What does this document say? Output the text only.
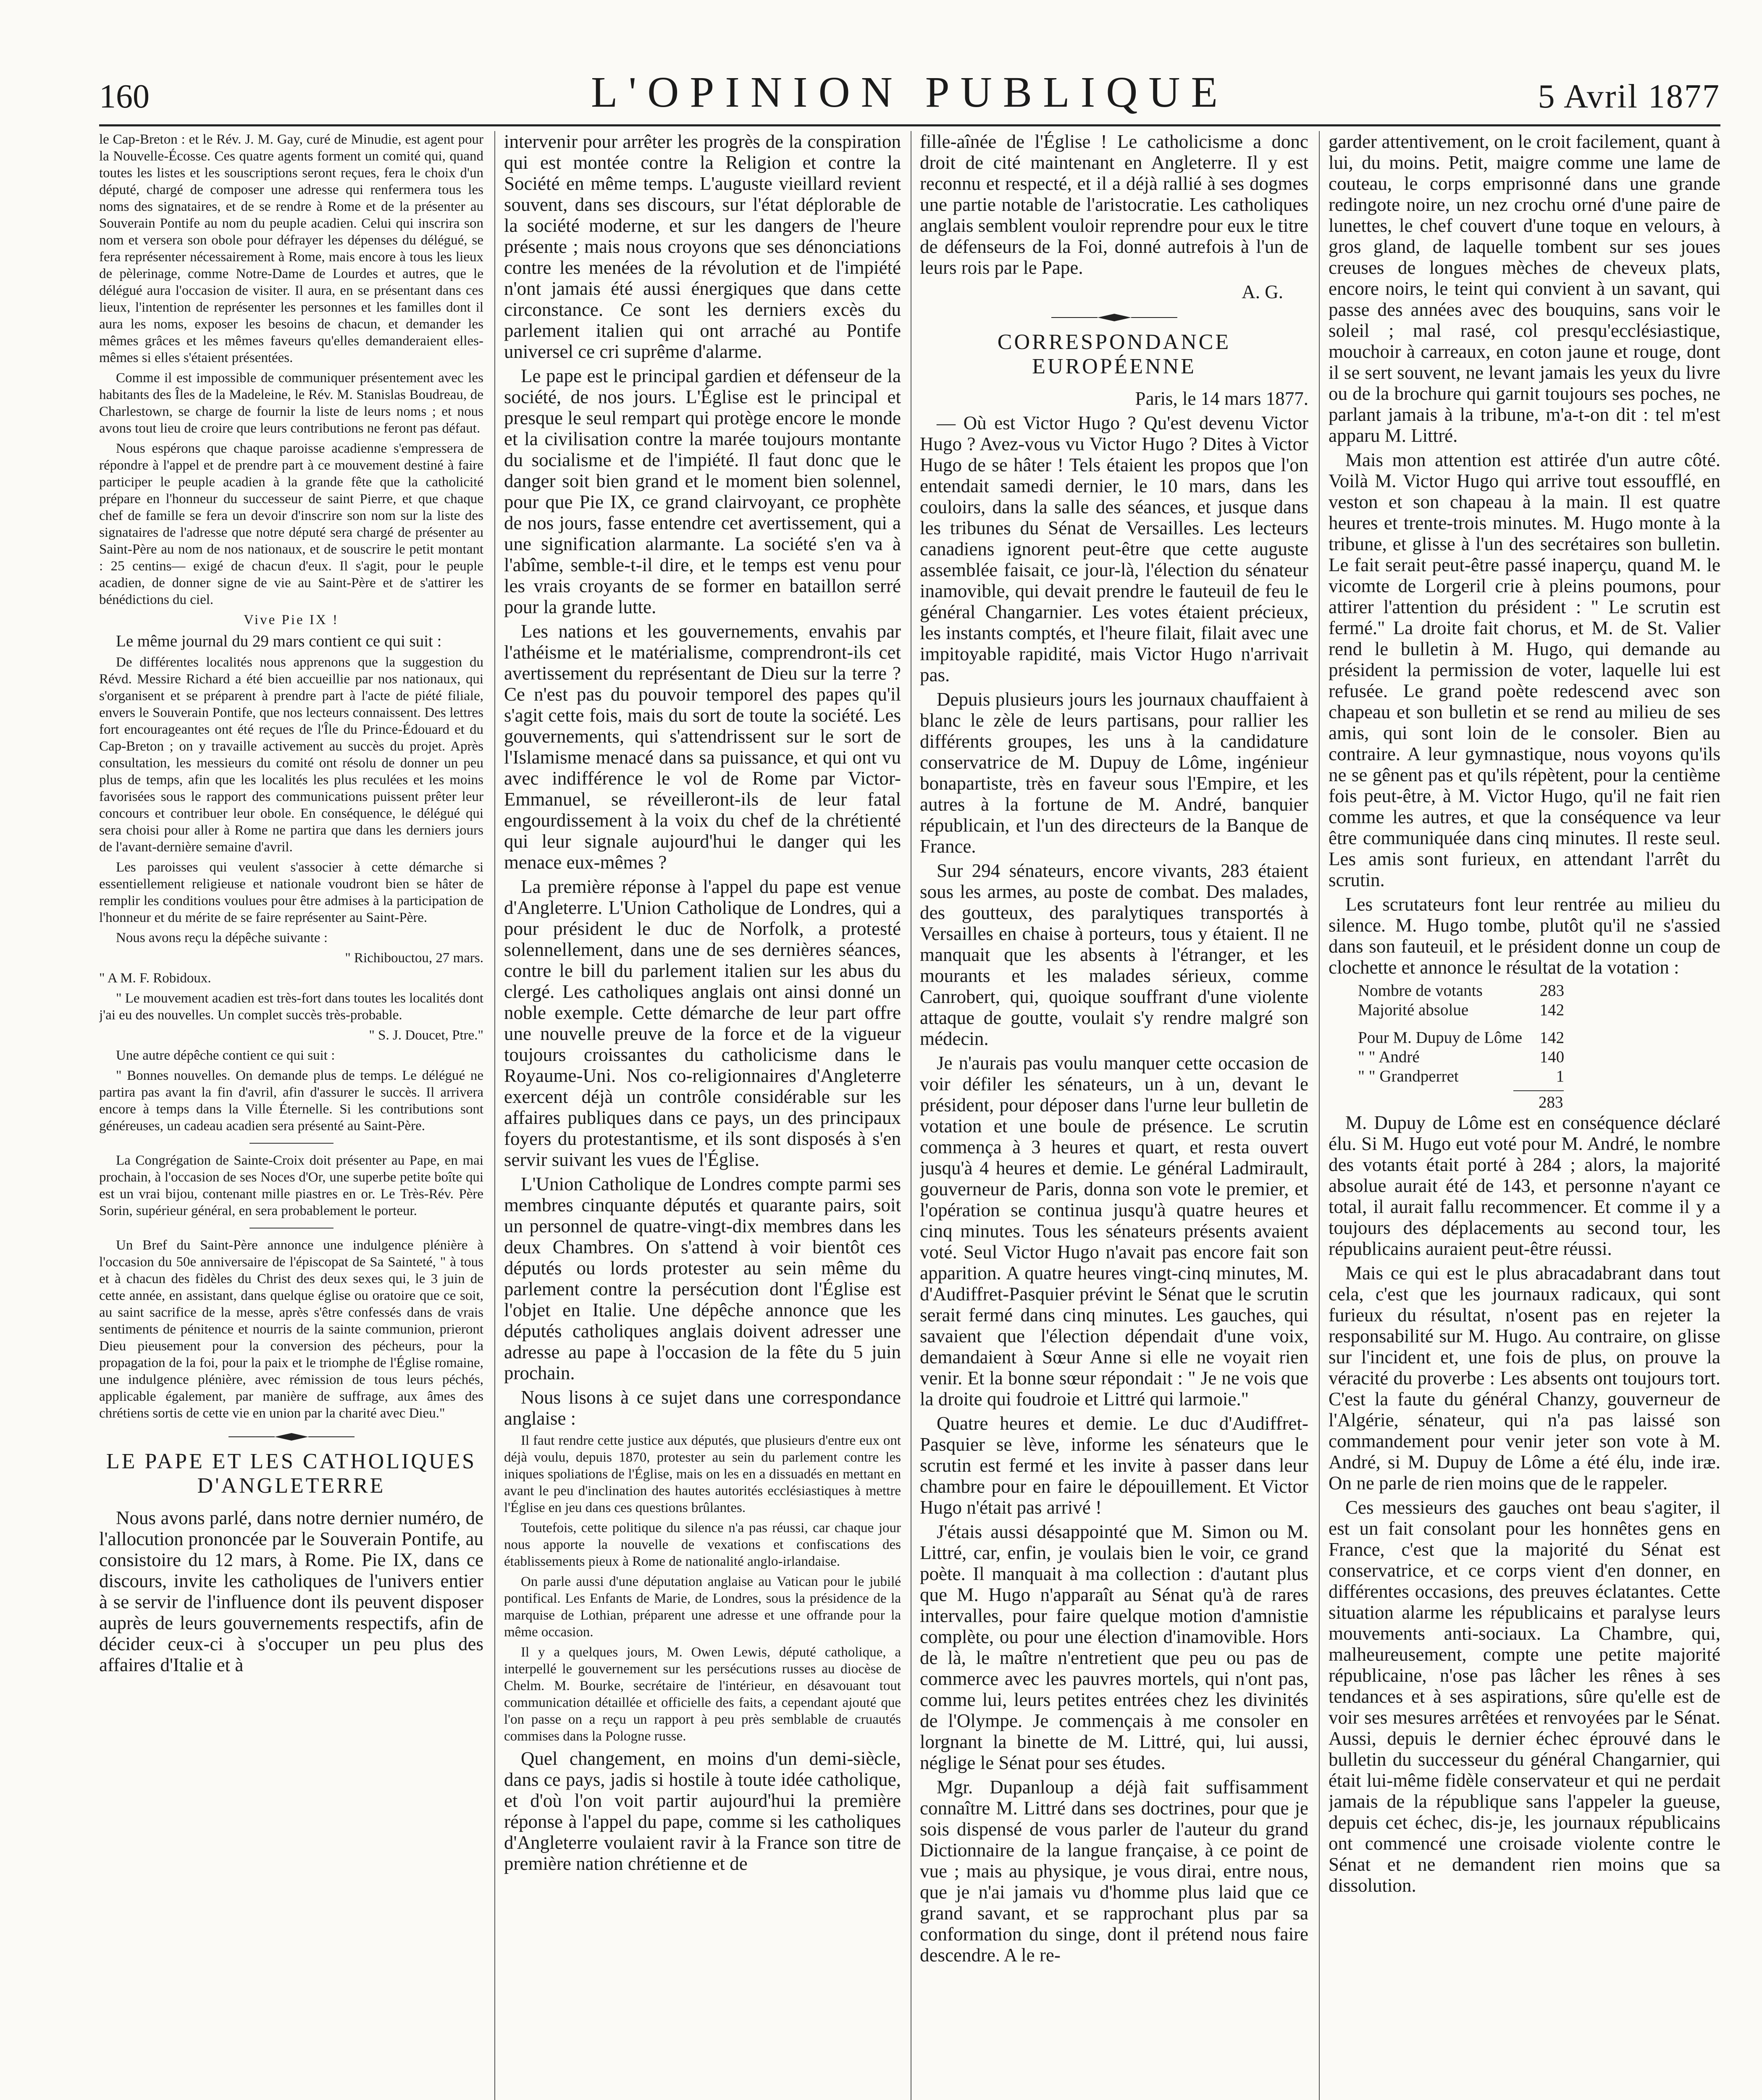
160	L'OPINION PUBLIQUE	5 Avril 1877

le Cap-Breton : et le Rév. J. M. Gay, curé de Minudie, est agent pour la Nouvelle-Écosse. Ces quatre agents forment un comité qui, quand toutes les listes et les souscriptions seront reçues, fera le choix d'un député, chargé de composer une adresse qui renfermera tous les noms des signataires, et de se rendre à Rome et de la présenter au Souverain Pontife au nom du peuple acadien. Celui qui inscrira son nom et versera son obole pour défrayer les dépenses du délégué, se fera représenter nécessairement à Rome, mais encore à tous les lieux de pèlerinage, comme Notre-Dame de Lourdes et autres, que le délégué aura l'occasion de visiter. Il aura, en se présentant dans ces lieux, l'intention de représenter les personnes et les familles dont il aura les noms, exposer les besoins de chacun, et demander les mêmes grâces et les mêmes faveurs qu'elles demanderaient elles-mêmes si elles s'étaient présentées.

Comme il est impossible de communiquer présentement avec les habitants des Îles de la Madeleine, le Rév. M. Stanislas Boudreau, de Charlestown, se charge de fournir la liste de leurs noms ; et nous avons tout lieu de croire que leurs contributions ne feront pas défaut.

Nous espérons que chaque paroisse acadienne s'empressera de répondre à l'appel et de prendre part à ce mouvement destiné à faire participer le peuple acadien à la grande fête que la catholicité prépare en l'honneur du successeur de saint Pierre, et que chaque chef de famille se fera un devoir d'inscrire son nom sur la liste des signataires de l'adresse que notre député sera chargé de présenter au Saint-Père au nom de nos nationaux, et de souscrire le petit montant : 25 centins— exigé de chacun d'eux. Il s'agit, pour le peuple acadien, de donner signe de vie au Saint-Père et de s'attirer les bénédictions du ciel.

Vive Pie IX !

Le même journal du 29 mars contient ce qui suit :

De différentes localités nous apprenons que la suggestion du Révd. Messire Richard a été bien accueillie par nos nationaux, qui s'organisent et se préparent à prendre part à l'acte de piété filiale, envers le Souverain Pontife, que nos lecteurs connaissent. Des lettres fort encourageantes ont été reçues de l'Île du Prince-Édouard et du Cap-Breton ; on y travaille activement au succès du projet. Après consultation, les messieurs du comité ont résolu de donner un peu plus de temps, afin que les localités les plus reculées et les moins favorisées sous le rapport des communications puissent prêter leur concours et contribuer leur obole. En conséquence, le délégué qui sera choisi pour aller à Rome ne partira que dans les derniers jours de l'avant-dernière semaine d'avril.

Les paroisses qui veulent s'associer à cette démarche si essentiellement religieuse et nationale voudront bien se hâter de remplir les conditions voulues pour être admises à la participation de l'honneur et du mérite de se faire représenter au Saint-Père.

Nous avons reçu la dépêche suivante :

" Richibouctou, 27 mars.

" A M. F. Robidoux.

" Le mouvement acadien est très-fort dans toutes les localités dont j'ai eu des nouvelles. Un complet succès très-probable.

" S. J. Doucet, Ptre."

Une autre dépêche contient ce qui suit :

" Bonnes nouvelles. On demande plus de temps. Le délégué ne partira pas avant la fin d'avril, afin d'assurer le succès. Il arrivera encore à temps dans la Ville Éternelle. Si les contributions sont généreuses, un cadeau acadien sera présenté au Saint-Père.

La Congrégation de Sainte-Croix doit présenter au Pape, en mai prochain, à l'occasion de ses Noces d'Or, une superbe petite boîte qui est un vrai bijou, contenant mille piastres en or. Le Très-Rév. Père Sorin, supérieur général, en sera probablement le porteur.

Un Bref du Saint-Père annonce une indulgence plénière à l'occasion du 50e anniversaire de l'épiscopat de Sa Sainteté, " à tous et à chacun des fidèles du Christ des deux sexes qui, le 3 juin de cette année, en assistant, dans quelque église ou oratoire que ce soit, au saint sacrifice de la messe, après s'être confessés dans de vrais sentiments de pénitence et nourris de la sainte communion, prieront Dieu pieusement pour la conversion des pécheurs, pour la propagation de la foi, pour la paix et le triomphe de l'Église romaine, une indulgence plénière, avec rémission de tous leurs péchés, applicable également, par manière de suffrage, aux âmes des chrétiens sortis de cette vie en union par la charité avec Dieu."

LE PAPE ET LES CATHOLIQUES D'ANGLETERRE

Nous avons parlé, dans notre dernier numéro, de l'allocution prononcée par le Souverain Pontife, au consistoire du 12 mars, à Rome. Pie IX, dans ce discours, invite les catholiques de l'univers entier à se servir de l'influence dont ils peuvent disposer auprès de leurs gouvernements respectifs, afin de décider ceux-ci à s'occuper un peu plus des affaires d'Italie et à

intervenir pour arrêter les progrès de la conspiration qui est montée contre la Religion et contre la Société en même temps. L'auguste vieillard revient souvent, dans ses discours, sur l'état déplorable de la société moderne, et sur les dangers de l'heure présente ; mais nous croyons que ses dénonciations contre les menées de la révolution et de l'impiété n'ont jamais été aussi énergiques que dans cette circonstance. Ce sont les derniers excès du parlement italien qui ont arraché au Pontife universel ce cri suprême d'alarme.

Le pape est le principal gardien et défenseur de la société, de nos jours. L'Église est le principal et presque le seul rempart qui protège encore le monde et la civilisation contre la marée toujours montante du socialisme et de l'impiété. Il faut donc que le danger soit bien grand et le moment bien solennel, pour que Pie IX, ce grand clairvoyant, ce prophète de nos jours, fasse entendre cet avertissement, qui a une signification alarmante. La société s'en va à l'abîme, semble-t-il dire, et le temps est venu pour les vrais croyants de se former en bataillon serré pour la grande lutte.

Les nations et les gouvernements, envahis par l'athéisme et le matérialisme, comprendront-ils cet avertissement du représentant de Dieu sur la terre ? Ce n'est pas du pouvoir temporel des papes qu'il s'agit cette fois, mais du sort de toute la société. Les gouvernements, qui s'attendrissent sur le sort de l'Islamisme menacé dans sa puissance, et qui ont vu avec indifférence le vol de Rome par Victor-Emmanuel, se réveilleront-ils de leur fatal engourdissement à la voix du chef de la chrétienté qui leur signale aujourd'hui le danger qui les menace eux-mêmes ?

La première réponse à l'appel du pape est venue d'Angleterre. L'Union Catholique de Londres, qui a pour président le duc de Norfolk, a protesté solennellement, dans une de ses dernières séances, contre le bill du parlement italien sur les abus du clergé. Les catholiques anglais ont ainsi donné un noble exemple. Cette démarche de leur part offre une nouvelle preuve de la force et de la vigueur toujours croissantes du catholicisme dans le Royaume-Uni. Nos co-religionnaires d'Angleterre exercent déjà un contrôle considérable sur les affaires publiques dans ce pays, un des principaux foyers du protestantisme, et ils sont disposés à s'en servir suivant les vues de l'Église.

L'Union Catholique de Londres compte parmi ses membres cinquante députés et quarante pairs, soit un personnel de quatre-vingt-dix membres dans les deux Chambres. On s'attend à voir bientôt ces députés ou lords protester au sein même du parlement contre la persécution dont l'Église est l'objet en Italie. Une dépêche annonce que les députés catholiques anglais doivent adresser une adresse au pape à l'occasion de la fête du 5 juin prochain.

Nous lisons à ce sujet dans une correspondance anglaise :

Il faut rendre cette justice aux députés, que plusieurs d'entre eux ont déjà voulu, depuis 1870, protester au sein du parlement contre les iniques spoliations de l'Église, mais on les en a dissuadés en mettant en avant le peu d'inclination des hautes autorités ecclésiastiques à mettre l'Église en jeu dans ces questions brûlantes.

Toutefois, cette politique du silence n'a pas réussi, car chaque jour nous apporte la nouvelle de vexations et confiscations des établissements pieux à Rome de nationalité anglo-irlandaise.

On parle aussi d'une députation anglaise au Vatican pour le jubilé pontifical. Les Enfants de Marie, de Londres, sous la présidence de la marquise de Lothian, préparent une adresse et une offrande pour la même occasion.

Il y a quelques jours, M. Owen Lewis, député catholique, a interpellé le gouvernement sur les persécutions russes au diocèse de Chelm. M. Bourke, secrétaire de l'intérieur, en désavouant tout communication détaillée et officielle des faits, a cependant ajouté que l'on passe on a reçu un rapport à peu près semblable de cruautés commises dans la Pologne russe.

Quel changement, en moins d'un demi-siècle, dans ce pays, jadis si hostile à toute idée catholique, et d'où l'on voit partir aujourd'hui la première réponse à l'appel du pape, comme si les catholiques d'Angleterre voulaient ravir à la France son titre de première nation chrétienne et de

fille-aînée de l'Église ! Le catholicisme a donc droit de cité maintenant en Angleterre. Il y est reconnu et respecté, et il a déjà rallié à ses dogmes une partie notable de l'aristocratie. Les catholiques anglais semblent vouloir reprendre pour eux le titre de défenseurs de la Foi, donné autrefois à l'un de leurs rois par le Pape.

A. G.

CORRESPONDANCE EUROPÉENNE

Paris, le 14 mars 1877.

— Où est Victor Hugo ? Qu'est devenu Victor Hugo ? Avez-vous vu Victor Hugo ? Dites à Victor Hugo de se hâter ! Tels étaient les propos que l'on entendait samedi dernier, le 10 mars, dans les couloirs, dans la salle des séances, et jusque dans les tribunes du Sénat de Versailles. Les lecteurs canadiens ignorent peut-être que cette auguste assemblée faisait, ce jour-là, l'élection du sénateur inamovible, qui devait prendre le fauteuil de feu le général Changarnier. Les votes étaient précieux, les instants comptés, et l'heure filait, filait avec une impitoyable rapidité, mais Victor Hugo n'arrivait pas.

Depuis plusieurs jours les journaux chauffaient à blanc le zèle de leurs partisans, pour rallier les différents groupes, les uns à la candidature conservatrice de M. Dupuy de Lôme, ingénieur bonapartiste, très en faveur sous l'Empire, et les autres à la fortune de M. André, banquier républicain, et l'un des directeurs de la Banque de France.

Sur 294 sénateurs, encore vivants, 283 étaient sous les armes, au poste de combat. Des malades, des goutteux, des paralytiques transportés à Versailles en chaise à porteurs, tous y étaient. Il ne manquait que les absents à l'étranger, et les mourants et les malades sérieux, comme Canrobert, qui, quoique souffrant d'une violente attaque de goutte, voulait s'y rendre malgré son médecin.

Je n'aurais pas voulu manquer cette occasion de voir défiler les sénateurs, un à un, devant le président, pour déposer dans l'urne leur bulletin de votation et une boule de présence. Le scrutin commença à 3 heures et quart, et resta ouvert jusqu'à 4 heures et demie. Le général Ladmirault, gouverneur de Paris, donna son vote le premier, et l'opération se continua jusqu'à quatre heures et cinq minutes. Tous les sénateurs présents avaient voté. Seul Victor Hugo n'avait pas encore fait son apparition. A quatre heures vingt-cinq minutes, M. d'Audiffret-Pasquier prévint le Sénat que le scrutin serait fermé dans cinq minutes. Les gauches, qui savaient que l'élection dépendait d'une voix, demandaient à Sœur Anne si elle ne voyait rien venir. Et la bonne sœur répondait : " Je ne vois que la droite qui foudroie et Littré qui larmoie."

Quatre heures et demie. Le duc d'Audiffret-Pasquier se lève, informe les sénateurs que le scrutin est fermé et les invite à passer dans leur chambre pour en faire le dépouillement. Et Victor Hugo n'était pas arrivé !

J'étais aussi désappointé que M. Simon ou M. Littré, car, enfin, je voulais bien le voir, ce grand poète. Il manquait à ma collection : d'autant plus que M. Hugo n'apparaît au Sénat qu'à de rares intervalles, pour faire quelque motion d'amnistie complète, ou pour une élection d'inamovible. Hors de là, le maître n'entretient que peu ou pas de commerce avec les pauvres mortels, qui n'ont pas, comme lui, leurs petites entrées chez les divinités de l'Olympe. Je commençais à me consoler en lorgnant la binette de M. Littré, qui, lui aussi, néglige le Sénat pour ses études.

Mgr. Dupanloup a déjà fait suffisamment connaître M. Littré dans ses doctrines, pour que je sois dispensé de vous parler de l'auteur du grand Dictionnaire de la langue française, à ce point de vue ; mais au physique, je vous dirai, entre nous, que je n'ai jamais vu d'homme plus laid que ce grand savant, et se rapprochant plus par sa conformation du singe, dont il prétend nous faire descendre. A le re-

garder attentivement, on le croit facilement, quant à lui, du moins. Petit, maigre comme une lame de couteau, le corps emprisonné dans une grande redingote noire, un nez crochu orné d'une paire de lunettes, le chef couvert d'une toque en velours, à gros gland, de laquelle tombent sur ses joues creuses de longues mèches de cheveux plats, encore noirs, le teint qui convient à un savant, qui passe des années avec des bouquins, sans voir le soleil ; mal rasé, col presqu'ecclésiastique, mouchoir à carreaux, en coton jaune et rouge, dont il se sert souvent, ne levant jamais les yeux du livre ou de la brochure qui garnit toujours ses poches, ne parlant jamais à la tribune, m'a-t-on dit : tel m'est apparu M. Littré.

Mais mon attention est attirée d'un autre côté. Voilà M. Victor Hugo qui arrive tout essoufflé, en veston et son chapeau à la main. Il est quatre heures et trente-trois minutes. M. Hugo monte à la tribune, et glisse à l'un des secrétaires son bulletin. Le fait serait peut-être passé inaperçu, quand M. le vicomte de Lorgeril crie à pleins poumons, pour attirer l'attention du président : " Le scrutin est fermé." La droite fait chorus, et M. de St. Valier rend le bulletin à M. Hugo, qui demande au président la permission de voter, laquelle lui est refusée. Le grand poète redescend avec son chapeau et son bulletin et se rend au milieu de ses amis, qui sont loin de le consoler. Bien au contraire. A leur gymnastique, nous voyons qu'ils ne se gênent pas et qu'ils répètent, pour la centième fois peut-être, à M. Victor Hugo, qu'il ne fait rien comme les autres, et que la conséquence va leur être communiquée dans cinq minutes. Il reste seul. Les amis sont furieux, en attendant l'arrêt du scrutin.

Les scrutateurs font leur rentrée au milieu du silence. M. Hugo tombe, plutôt qu'il ne s'assied dans son fauteuil, et le président donne un coup de clochette et annonce le résultat de la votation :

Nombre de votants	283
Majorité absolue	142

Pour M. Dupuy de Lôme	142
" " André	140
" " Grandperret	1
283

M. Dupuy de Lôme est en conséquence déclaré élu. Si M. Hugo eut voté pour M. André, le nombre des votants était porté à 284 ; alors, la majorité absolue aurait été de 143, et personne n'ayant ce total, il aurait fallu recommencer. Et comme il y a toujours des déplacements au second tour, les républicains auraient peut-être réussi.

Mais ce qui est le plus abracadabrant dans tout cela, c'est que les journaux radicaux, qui sont furieux du résultat, n'osent pas en rejeter la responsabilité sur M. Hugo. Au contraire, on glisse sur l'incident et, une fois de plus, on prouve la véracité du proverbe : Les absents ont toujours tort. C'est la faute du général Chanzy, gouverneur de l'Algérie, sénateur, qui n'a pas laissé son commandement pour venir jeter son vote à M. André, si M. Dupuy de Lôme a été élu, inde iræ. On ne parle de rien moins que de le rappeler.

Ces messieurs des gauches ont beau s'agiter, il est un fait consolant pour les honnêtes gens en France, c'est que la majorité du Sénat est conservatrice, et ce corps vient d'en donner, en différentes occasions, des preuves éclatantes. Cette situation alarme les républicains et paralyse leurs mouvements anti-sociaux. La Chambre, qui, malheureusement, compte une petite majorité républicaine, n'ose pas lâcher les rênes à ses tendances et à ses aspirations, sûre qu'elle est de voir ses mesures arrêtées et renvoyées par le Sénat. Aussi, depuis le dernier échec éprouvé dans le bulletin du successeur du général Changarnier, qui était lui-même fidèle conservateur et qui ne perdait jamais de la république sans l'appeler la gueuse, depuis cet échec, dis-je, les journaux républicains ont commencé une croisade violente contre le Sénat et ne demandent rien moins que sa dissolution.
